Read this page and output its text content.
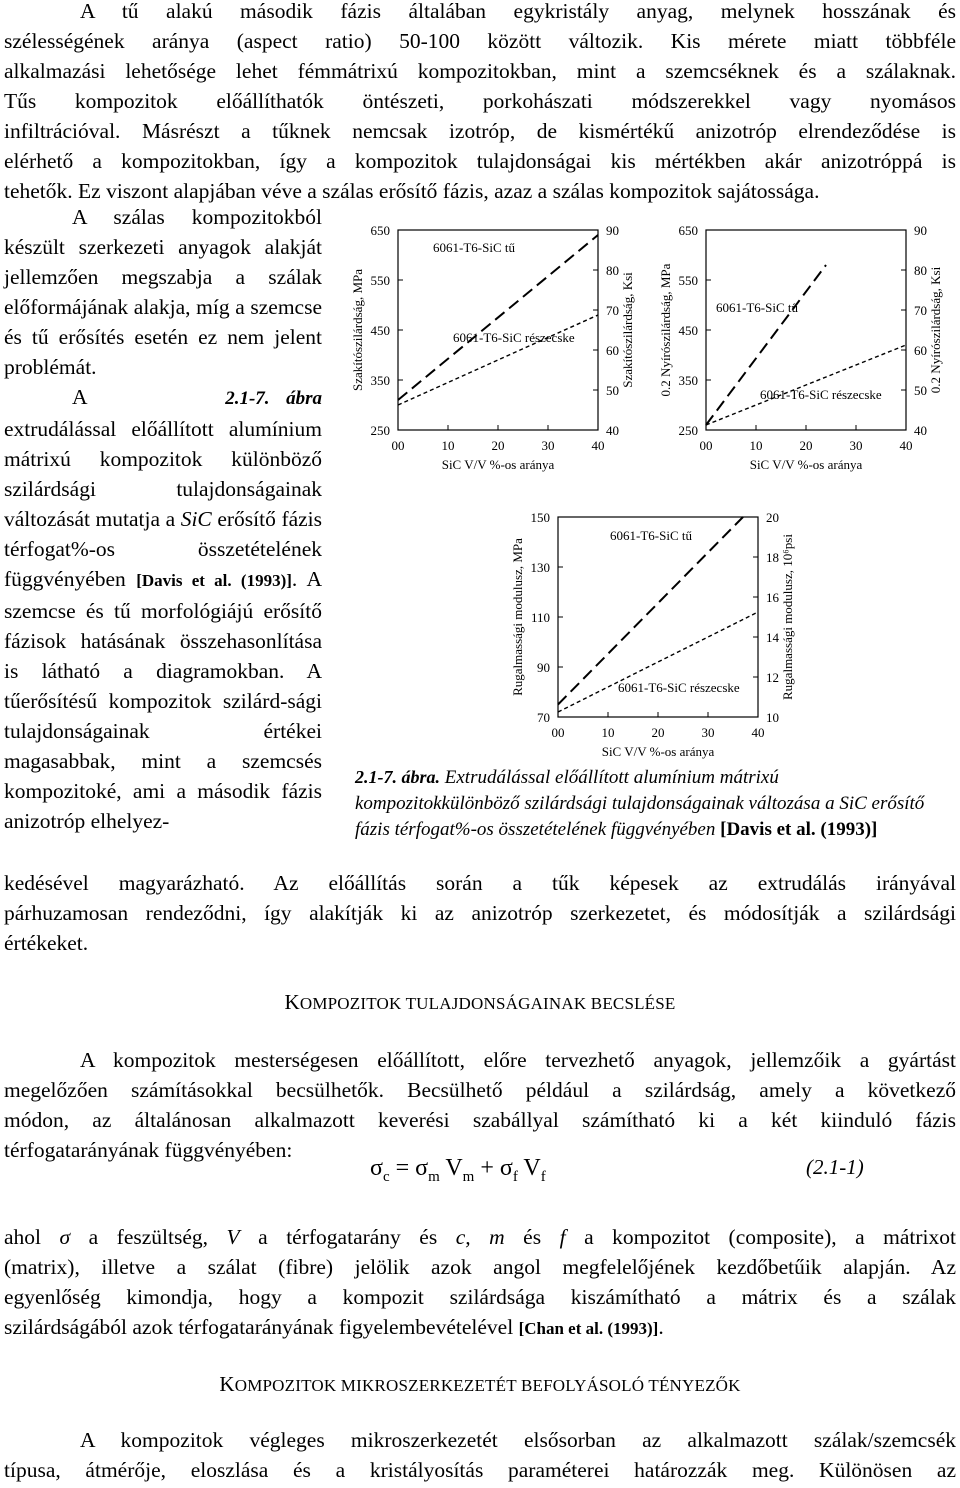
A tű alakú második fázis általában egykristály anyag, melynek hosszának és
szélességének aránya (aspect ratio) 50-100 között változik. Kis mérete miatt többféle
alkalmazási lehetősége lehet fémmátrixú kompozitokban, mint a szemcséknek és a szálaknak.
Tűs kompozitok előállíthatók öntészeti, porkohászati módszerekkel vagy nyomásos
infiltrációval. Másrészt a tűknek nemcsak izotróp, de kismértékű anizotróp elrendeződése is
elérhető a kompozitokban, így a kompozitok tulajdonságai kis mértékben akár anizotróppá is
tehetők. Ez viszont alapjában véve a szálas erősítő fázis, azaz a szálas kompozitok sajátossága.

A szálas kompozitokból készült szerkezeti anyagok alakját jellemzően megszabja a szálak előformájának alakja, míg a szemcse és tű erősítés esetén ez nem jelent problémát.

A	2.1-7. ábra extrudálással előállított alumínium mátrixú kompozitok különböző szilárdsági tulajdonságainak változását mutatja a SiC erősítő fázis térfogat%-os összetételének függvényében [Davis et al. (1993)]. A szemcse és tű morfológiájú erősítő fázisok hatásának összehasonlítása is látható a diagramokban. A tűerősítésű kompozitok szilárd-sági tulajdonságainak értékei magasabbak, mint a szemcsés kompozitoké, ami a második fázis anizotróp elhelyez-

250
350
450
550
650
40
50
60
70
80
90
00	10	20	30	40
SiC V/V %-os aránya
Szakítószilárdság, MPa	Szakítószilárdság, Ksi
6061-T6-SiC tű
6061-T6-SiC részecske
250
350
450
550
650
40
50
60
70
80
90
00	10	20	30	40
SiC V/V %-os aránya
0.2 Nyírószilárdság, MPa	0.2 Nyírószilárdság, Ksi
6061-T6-SiC tű
6061-T6-SiC részecske
70
90
110
130
150
10
12
14
16
18
20
00	10	20	30	40
SiC V/V %-os aránya
Rugalmassági modulusz, MPa	Rugalmassági modulusz, 10⁶psi
6061-T6-SiC tű
6061-T6-SiC részecske
2.1-7. ábra. Extrudálással előállított alumínium mátrixú kompozitokkülönböző szilárdsági tulajdonságainak változása a SiC erősítő fázis térfogat%-os összetételének függvényében [Davis et al. (1993)]
kedésével magyarázható. Az előállítás során a tűk képesek az extrudálás irányával
párhuzamosan rendeződni, így alakítják ki az anizotróp szerkezetet, és módosítják a szilárdsági
értékeket.
KOMPOZITOK TULAJDONSÁGAINAK BECSLÉSE
A kompozitok mesterségesen előállított, előre tervezhető anyagok, jellemzőik a gyártást
megelőzően számításokkal becsülhetők. Becsülhető például a szilárdság, amely a következő
módon, az általánosan alkalmazott keverési szabállyal számítható ki a két kiinduló fázis
térfogatarányának függvényében:
$\sigma_c = \sigma_m$ $V_m + \sigma_f$ $V_f$	(2.1-1)
ahol σ a feszültség, V a térfogatarány és c, m és f a kompozitot (composite), a mátrixot
(matrix), illetve a szálat (fibre) jelölik azok angol megfelelőjének kezdőbetűik alapján. Az
egyenlőség kimondja, hogy a kompozit szilárdsága kiszámítható a mátrix és a szálak
szilárdságából azok térfogatarányának figyelembevételével [Chan et al. (1993)].
KOMPOZITOK MIKROSZERKEZETÉT BEFOLYÁSOLÓ TÉNYEZŐK
A kompozitok végleges mikroszerkezetét elsősorban az alkalmazott szálak/szemcsék
típusa, átmérője, eloszlása és a kristályosítás paraméterei határozzák meg. Különösen az
